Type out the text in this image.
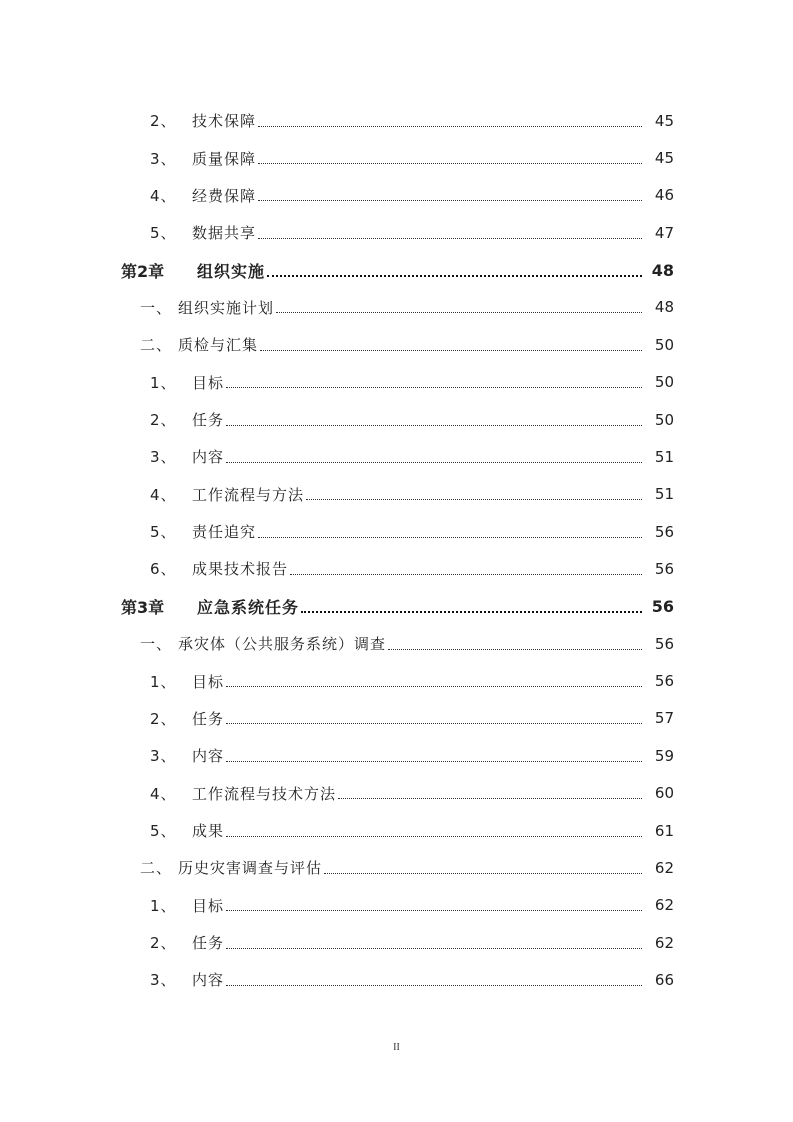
2、	技术保障	45
3、	质量保障	45
4、	经费保障	46
5、	数据共享	47
第2章	组织实施	48
一、 组织实施计划	48
二、 质检与汇集	50
1、	目标	50
2、	任务	50
3、	内容	51
4、	工作流程与方法	51
5、	责任追究	56
6、	成果技术报告	56
第3章	应急系统任务	56
一、 承灾体（公共服务系统）调查	56
1、	目标	56
2、	任务	57
3、	内容	59
4、	工作流程与技术方法	60
5、	成果	61
二、 历史灾害调查与评估	62
1、	目标	62
2、	任务	62
3、	内容	66
II
